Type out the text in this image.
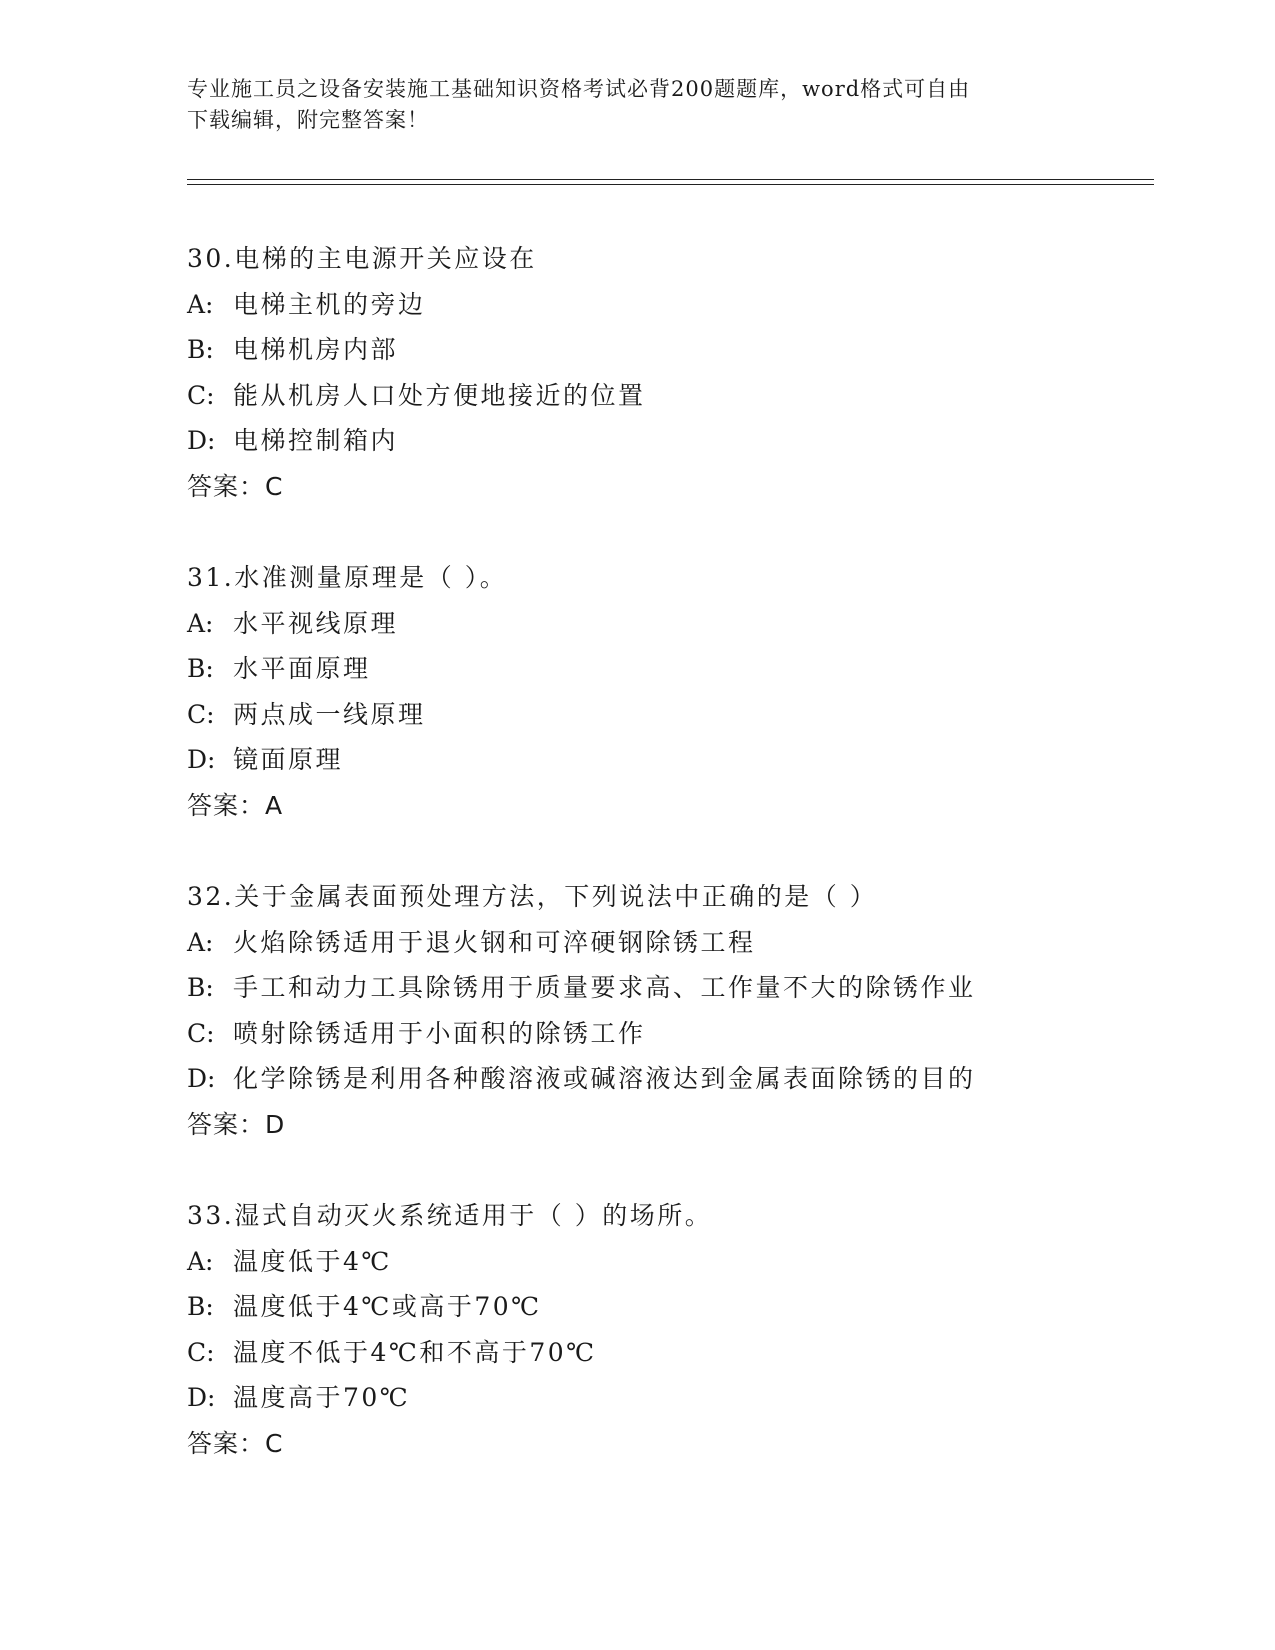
专业施工员之设备安装施工基础知识资格考试必背200题题库，word格式可自由
下载编辑，附完整答案！
30.电梯的主电源开关应设在
A: 电梯主机的旁边
B: 电梯机房内部
C: 能从机房人口处方便地接近的位置
D: 电梯控制箱内
答案：C
31.水准测量原理是（ ）。
A: 水平视线原理
B: 水平面原理
C: 两点成一线原理
D: 镜面原理
答案：A
32.关于金属表面预处理方法，下列说法中正确的是（ ）
A: 火焰除锈适用于退火钢和可淬硬钢除锈工程
B: 手工和动力工具除锈用于质量要求高、工作量不大的除锈作业
C: 喷射除锈适用于小面积的除锈工作
D: 化学除锈是利用各种酸溶液或碱溶液达到金属表面除锈的目的
答案：D
33.湿式自动灭火系统适用于（ ）的场所。
A: 温度低于4℃
B: 温度低于4℃或高于70℃
C: 温度不低于4℃和不高于70℃
D: 温度高于70℃
答案：C
